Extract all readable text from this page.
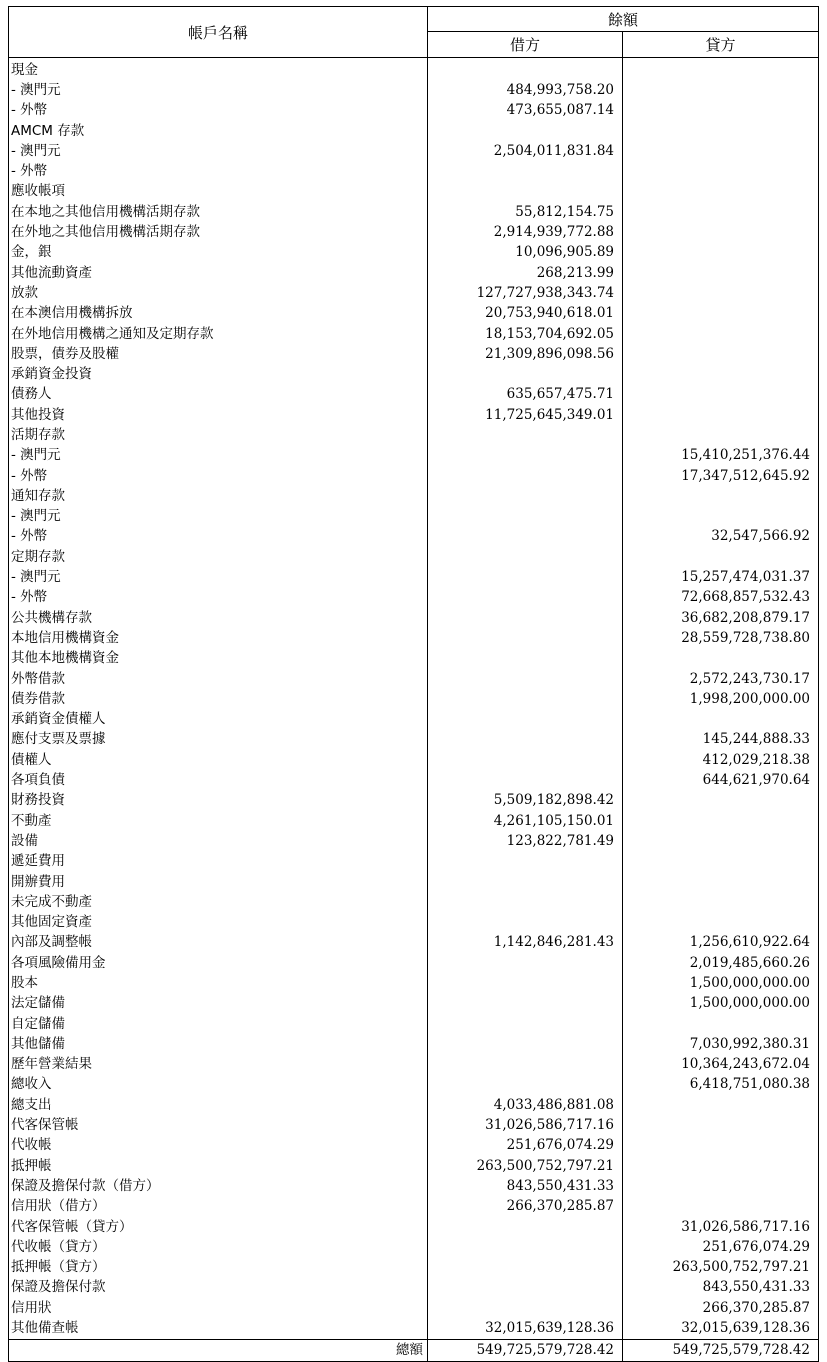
帳戶名稱	餘額	
	借方	貸方
現金		
- 澳門元	484,993,758.20	
- 外幣	473,655,087.14	
AMCM 存款		
- 澳門元	2,504,011,831.84	
- 外幣		
應收帳項		
在本地之其他信用機構活期存款	55,812,154.75	
在外地之其他信用機構活期存款	2,914,939,772.88	
金，銀	10,096,905.89	
其他流動資產	268,213.99	
放款	127,727,938,343.74	
在本澳信用機構拆放	20,753,940,618.01	
在外地信用機構之通知及定期存款	18,153,704,692.05	
股票，債券及股權	21,309,896,098.56	
承銷資金投資		
債務人	635,657,475.71	
其他投資	11,725,645,349.01	
活期存款		
- 澳門元		15,410,251,376.44
- 外幣		17,347,512,645.92
通知存款		
- 澳門元		
- 外幣		32,547,566.92
定期存款		
- 澳門元		15,257,474,031.37
- 外幣		72,668,857,532.43
公共機構存款		36,682,208,879.17
本地信用機構資金		28,559,728,738.80
其他本地機構資金		
外幣借款		2,572,243,730.17
債券借款		1,998,200,000.00
承銷資金債權人		
應付支票及票據		145,244,888.33
債權人		412,029,218.38
各項負債		644,621,970.64
財務投資	5,509,182,898.42	
不動產	4,261,105,150.01	
設備	123,822,781.49	
遞延費用		
開辦費用		
未完成不動產		
其他固定資產		
內部及調整帳	1,142,846,281.43	1,256,610,922.64
各項風險備用金		2,019,485,660.26
股本		1,500,000,000.00
法定儲備		1,500,000,000.00
自定儲備		
其他儲備		7,030,992,380.31
歷年營業結果		10,364,243,672.04
總收入		6,418,751,080.38
總支出	4,033,486,881.08	
代客保管帳	31,026,586,717.16	
代收帳	251,676,074.29	
抵押帳	263,500,752,797.21	
保證及擔保付款（借方）	843,550,431.33	
信用狀（借方）	266,370,285.87	
代客保管帳（貸方）		31,026,586,717.16
代收帳（貸方）		251,676,074.29
抵押帳（貸方）		263,500,752,797.21
保證及擔保付款		843,550,431.33
信用狀		266,370,285.87
其他備查帳	32,015,639,128.36	32,015,639,128.36
總額	549,725,579,728.42	549,725,579,728.42
